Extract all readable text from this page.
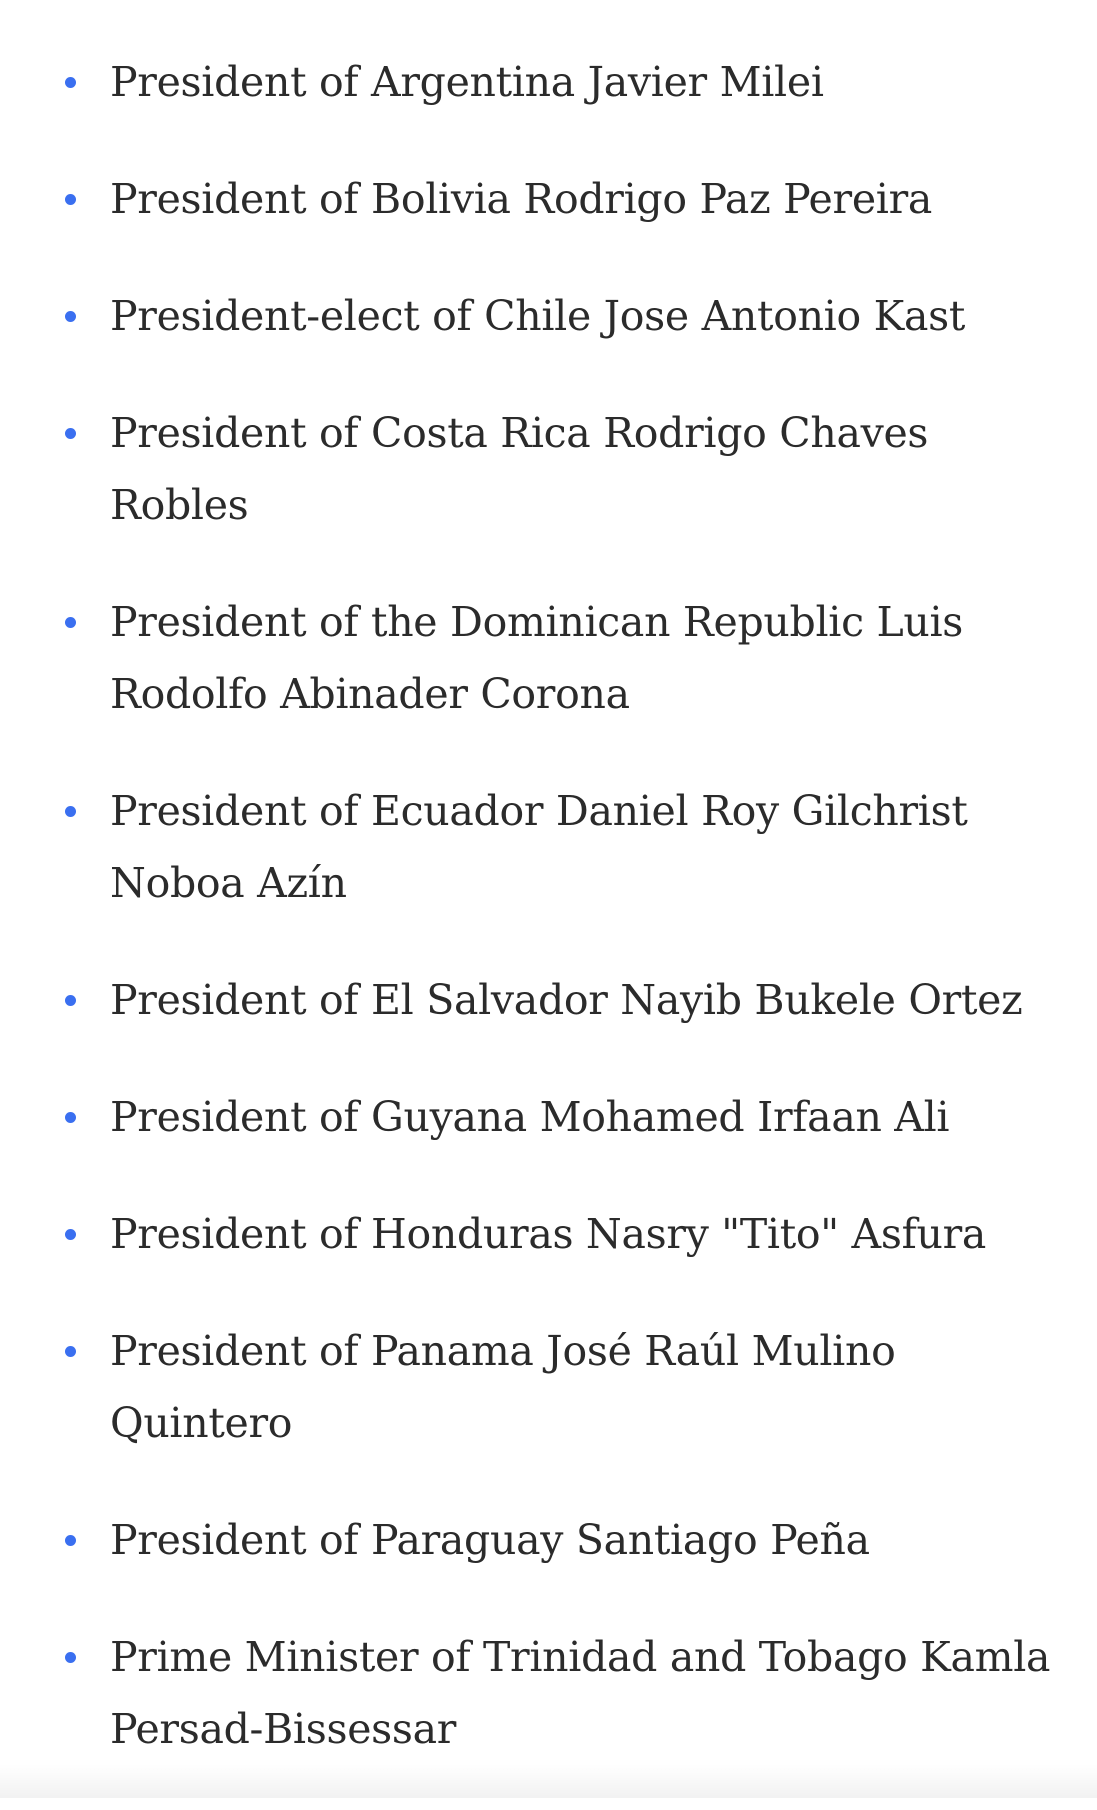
President of Argentina Javier Milei
President of Bolivia Rodrigo Paz Pereira
President-elect of Chile Jose Antonio Kast
President of Costa Rica Rodrigo Chaves Robles
President of the Dominican Republic Luis Rodolfo Abinader Corona
President of Ecuador Daniel Roy Gilchrist Noboa Azín
President of El Salvador Nayib Bukele Ortez
President of Guyana Mohamed Irfaan Ali
President of Honduras Nasry "Tito" Asfura
President of Panama José Raúl Mulino Quintero
President of Paraguay Santiago Peña
Prime Minister of Trinidad and Tobago Kamla Persad-Bissessar
